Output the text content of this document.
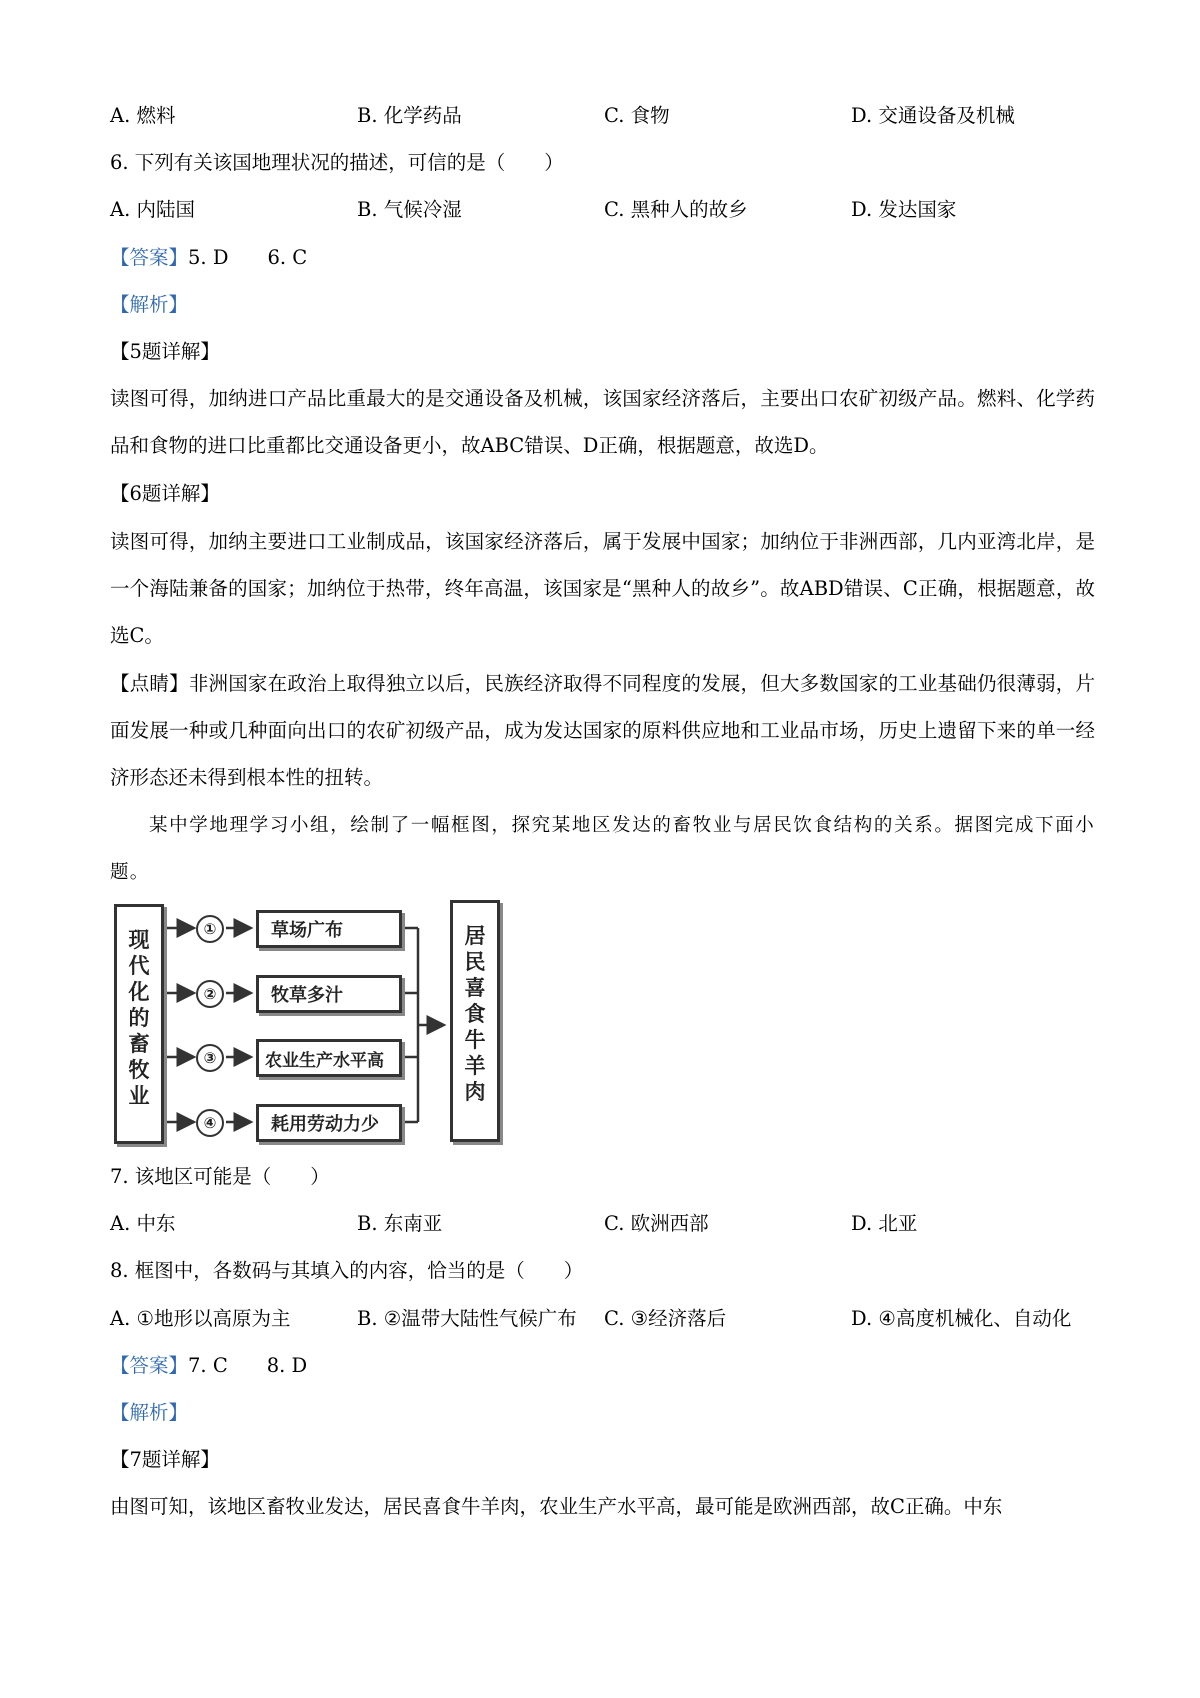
A. 燃料	B. 化学药品	C. 食物	D. 交通设备及机械
6. 下列有关该国地理状况的描述，可信的是（　　）
A. 内陆国	B. 气候冷湿	C. 黑种人的故乡	D. 发达国家
【答案】5. D　　6. C
【解析】
【5题详解】
读图可得，加纳进口产品比重最大的是交通设备及机械，该国家经济落后，主要出口农矿初级产品。燃料、化学药品和食物的进口比重都比交通设备更小，故ABC错误、D正确，根据题意，故选D。
【6题详解】
读图可得，加纳主要进口工业制成品，该国家经济落后，属于发展中国家；加纳位于非洲西部，几内亚湾北岸，是一个海陆兼备的国家；加纳位于热带，终年高温，该国家是“黑种人的故乡”。故ABD错误、C正确，根据题意，故选C。
【点睛】非洲国家在政治上取得独立以后，民族经济取得不同程度的发展，但大多数国家的工业基础仍很薄弱，片面发展一种或几种面向出口的农矿初级产品，成为发达国家的原料供应地和工业品市场，历史上遗留下来的单一经济形态还未得到根本性的扭转。
某中学地理学习小组，绘制了一幅框图，探究某地区发达的畜牧业与居民饮食结构的关系。据图完成下面小题。
现代化的畜牧业
①
②
③
④
草场广布
牧草多汁
农业生产水平高
耗用劳动力少
居民喜食牛羊肉
7. 该地区可能是（　　）
A. 中东	B. 东南亚	C. 欧洲西部	D. 北亚
8. 框图中，各数码与其填入的内容，恰当的是（　　）
A. ①地形以高原为主	B. ②温带大陆性气候广布 C. ③经济落后	D. ④高度机械化、自动化
【答案】7. C　　8. D
【解析】
【7题详解】
由图可知，该地区畜牧业发达，居民喜食牛羊肉，农业生产水平高，最可能是欧洲西部，故C正确。中东
